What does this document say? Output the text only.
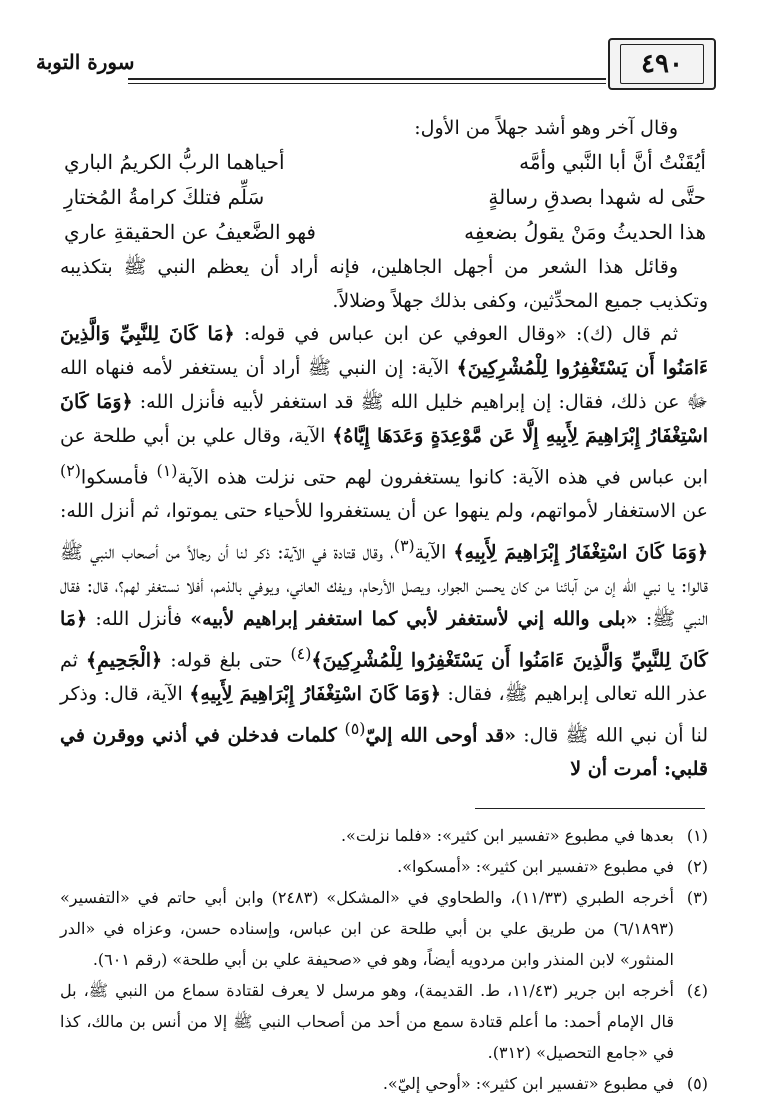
سورة التوبة	٤٩٠

وقال آخر وهو أشد جهلاً من الأول:

أيُقَنْتُ أنَّ أبا النَّبي وأمَّه
أحياهما الربُّ الكريمُ الباري
حتَّى له شهدا بصدقِ رسالةٍ
سَلِّم فتلكَ كرامةُ المُختارِ
هذا الحديثُ ومَنْ يقولُ بضعفِه
فهو الضَّعيفُ عن الحقيقةِ عاري

وقائل هذا الشعر من أجهل الجاهلين، فإنه أراد أن يعظم النبي ﷺ بتكذيبه وتكذيب جميع المحدِّثين، وكفى بذلك جهلاً وضلالاً.

ثم قال (ك): «وقال العوفي عن ابن عباس في قوله: ﴿مَا كَانَ لِلنَّبِيِّ وَالَّذِينَ ءَامَنُوا أَن يَسْتَغْفِرُوا لِلْمُشْرِكِينَ﴾ الآية: إن النبي ﷺ أراد أن يستغفر لأمه فنهاه الله ﷻ عن ذلك، فقال: إن إبراهيم خليل الله ﷺ قد استغفر لأبيه فأنزل الله: ﴿وَمَا كَانَ اسْتِغْفَارُ إِبْرَاهِيمَ لِأَبِيهِ إِلَّا عَن مَّوْعِدَةٍ وَعَدَهَا إِيَّاهُ﴾ الآية، وقال علي بن أبي طلحة عن ابن عباس في هذه الآية: كانوا يستغفرون لهم حتى نزلت هذه الآية$^{(١)}$ فأمسكوا$^{(٢)}$ عن الاستغفار لأمواتهم، ولم ينهوا عن أن يستغفروا للأحياء حتى يموتوا، ثم أنزل الله: ﴿وَمَا كَانَ اسْتِغْفَارُ إِبْرَاهِيمَ لِأَبِيهِ﴾ الآية$^{(٣)}$، وقال قتادة في الآية: ذكر لنا أن رجالاً من أصحاب النبي ﷺ قالوا: يا نبي الله إن من آبائنا من كان يحسن الجوار، ويصل الأرحام، ويفك العاني، ويوفي بالذمم، أفلا نستغفر لهم؟، قال: فقال النبي ﷺ: «بلى والله إني لأستغفر لأبي كما استغفر إبراهيم لأبيه» فأنزل الله: ﴿مَا كَانَ لِلنَّبِيِّ وَالَّذِينَ ءَامَنُوا أَن يَسْتَغْفِرُوا لِلْمُشْرِكِينَ﴾$^{(٤)}$ حتى بلغ قوله: ﴿الْجَحِيمِ﴾ ثم عذر الله تعالى إبراهيم ﷺ، فقال: ﴿وَمَا كَانَ اسْتِغْفَارُ إِبْرَاهِيمَ لِأَبِيهِ﴾ الآية، قال: وذكر لنا أن نبي الله ﷺ قال: «قد أوحى الله إليّ$^{(٥)}$ كلمات فدخلن في أذني ووقرن في قلبي: أمرت أن لا

(١)
بعدها في مطبوع «تفسير ابن كثير»: «فلما نزلت».
(٢)
في مطبوع «تفسير ابن كثير»: «أمسكوا».
(٣)
أخرجه الطبري (١١/٣٣)، والطحاوي في «المشكل» (٢٤٨٣) وابن أبي حاتم في «التفسير» (٦/١٨٩٣) من طريق علي بن أبي طلحة عن ابن عباس، وإسناده حسن، وعزاه في «الدر المنثور» لابن المنذر وابن مردويه أيضاً، وهو في «صحيفة علي بن أبي طلحة» (رقم ٦٠١).
(٤)
أخرجه ابن جرير (١١/٤٣، ط. القديمة)، وهو مرسل لا يعرف لقتادة سماع من النبي ﷺ، بل قال الإمام أحمد: ما أعلم قتادة سمع من أحد من أصحاب النبي ﷺ إلا من أنس بن مالك، كذا في «جامع التحصيل» (٣١٢).
(٥)
في مطبوع «تفسير ابن كثير»: «أوحي إليّ».
